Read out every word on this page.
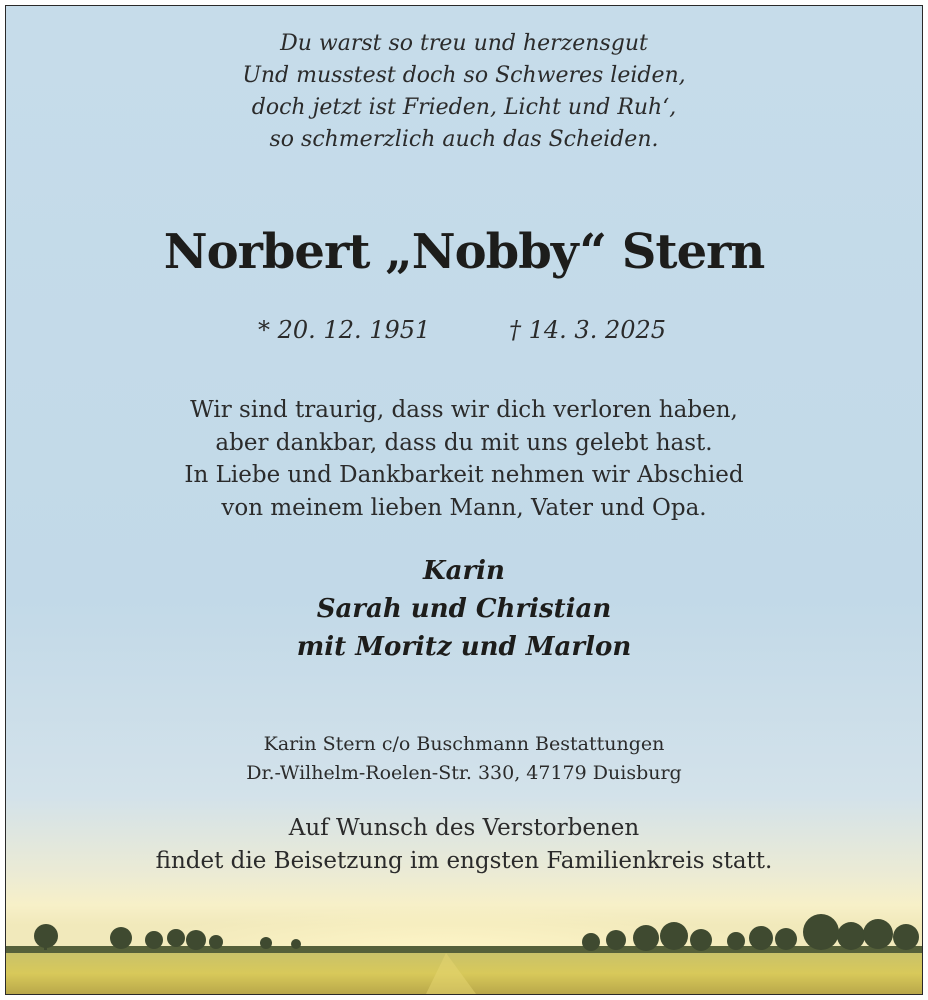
Du warst so treu und herzensgut
Und musstest doch so Schweres leiden,
doch jetzt ist Frieden, Licht und Ruh‘,
so schmerzlich auch das Scheiden.
Norbert „Nobby“ Stern
* 20. 12. 1951	† 14. 3. 2025
Wir sind traurig, dass wir dich verloren haben,
aber dankbar, dass du mit uns gelebt hast.
In Liebe und Dankbarkeit nehmen wir Abschied
von meinem lieben Mann, Vater und Opa.
Karin
Sarah und Christian
mit Moritz und Marlon
Karin Stern c/o Buschmann Bestattungen
Dr.-Wilhelm-Roelen-Str. 330, 47179 Duisburg
Auf Wunsch des Verstorbenen
findet die Beisetzung im engsten Familienkreis statt.
